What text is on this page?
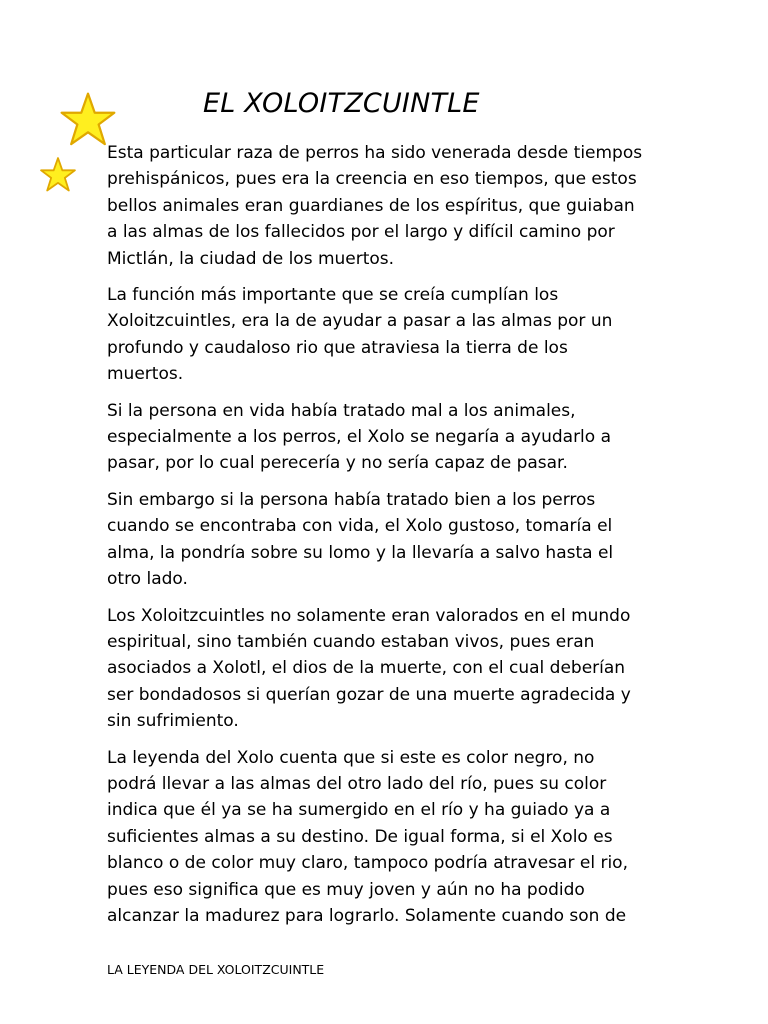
EL XOLOITZCUINTLE

Esta particular raza de perros ha sido venerada desde tiempos
prehispánicos, pues era la creencia en eso tiempos, que estos
bellos animales eran guardianes de los espíritus, que guiaban
a las almas de los fallecidos por el largo y difícil camino por
Mictlán, la ciudad de los muertos.

La función más importante que se creía cumplían los
Xoloitzcuintles, era la de ayudar a pasar a las almas por un
profundo y caudaloso rio que atraviesa la tierra de los
muertos.

Si la persona en vida había tratado mal a los animales,
especialmente a los perros, el Xolo se negaría a ayudarlo a
pasar, por lo cual perecería y no sería capaz de pasar.

Sin embargo si la persona había tratado bien a los perros
cuando se encontraba con vida, el Xolo gustoso, tomaría el
alma, la pondría sobre su lomo y la llevaría a salvo hasta el
otro lado.

Los Xoloitzcuintles no solamente eran valorados en el mundo
espiritual, sino también cuando estaban vivos, pues eran
asociados a Xolotl, el dios de la muerte, con el cual deberían
ser bondadosos si querían gozar de una muerte agradecida y
sin sufrimiento.

La leyenda del Xolo cuenta que si este es color negro, no
podrá llevar a las almas del otro lado del río, pues su color
indica que él ya se ha sumergido en el río y ha guiado ya a
suficientes almas a su destino. De igual forma, si el Xolo es
blanco o de color muy claro, tampoco podría atravesar el rio,
pues eso significa que es muy joven y aún no ha podido
alcanzar la madurez para lograrlo. Solamente cuando son de

LA LEYENDA DEL XOLOITZCUINTLE
